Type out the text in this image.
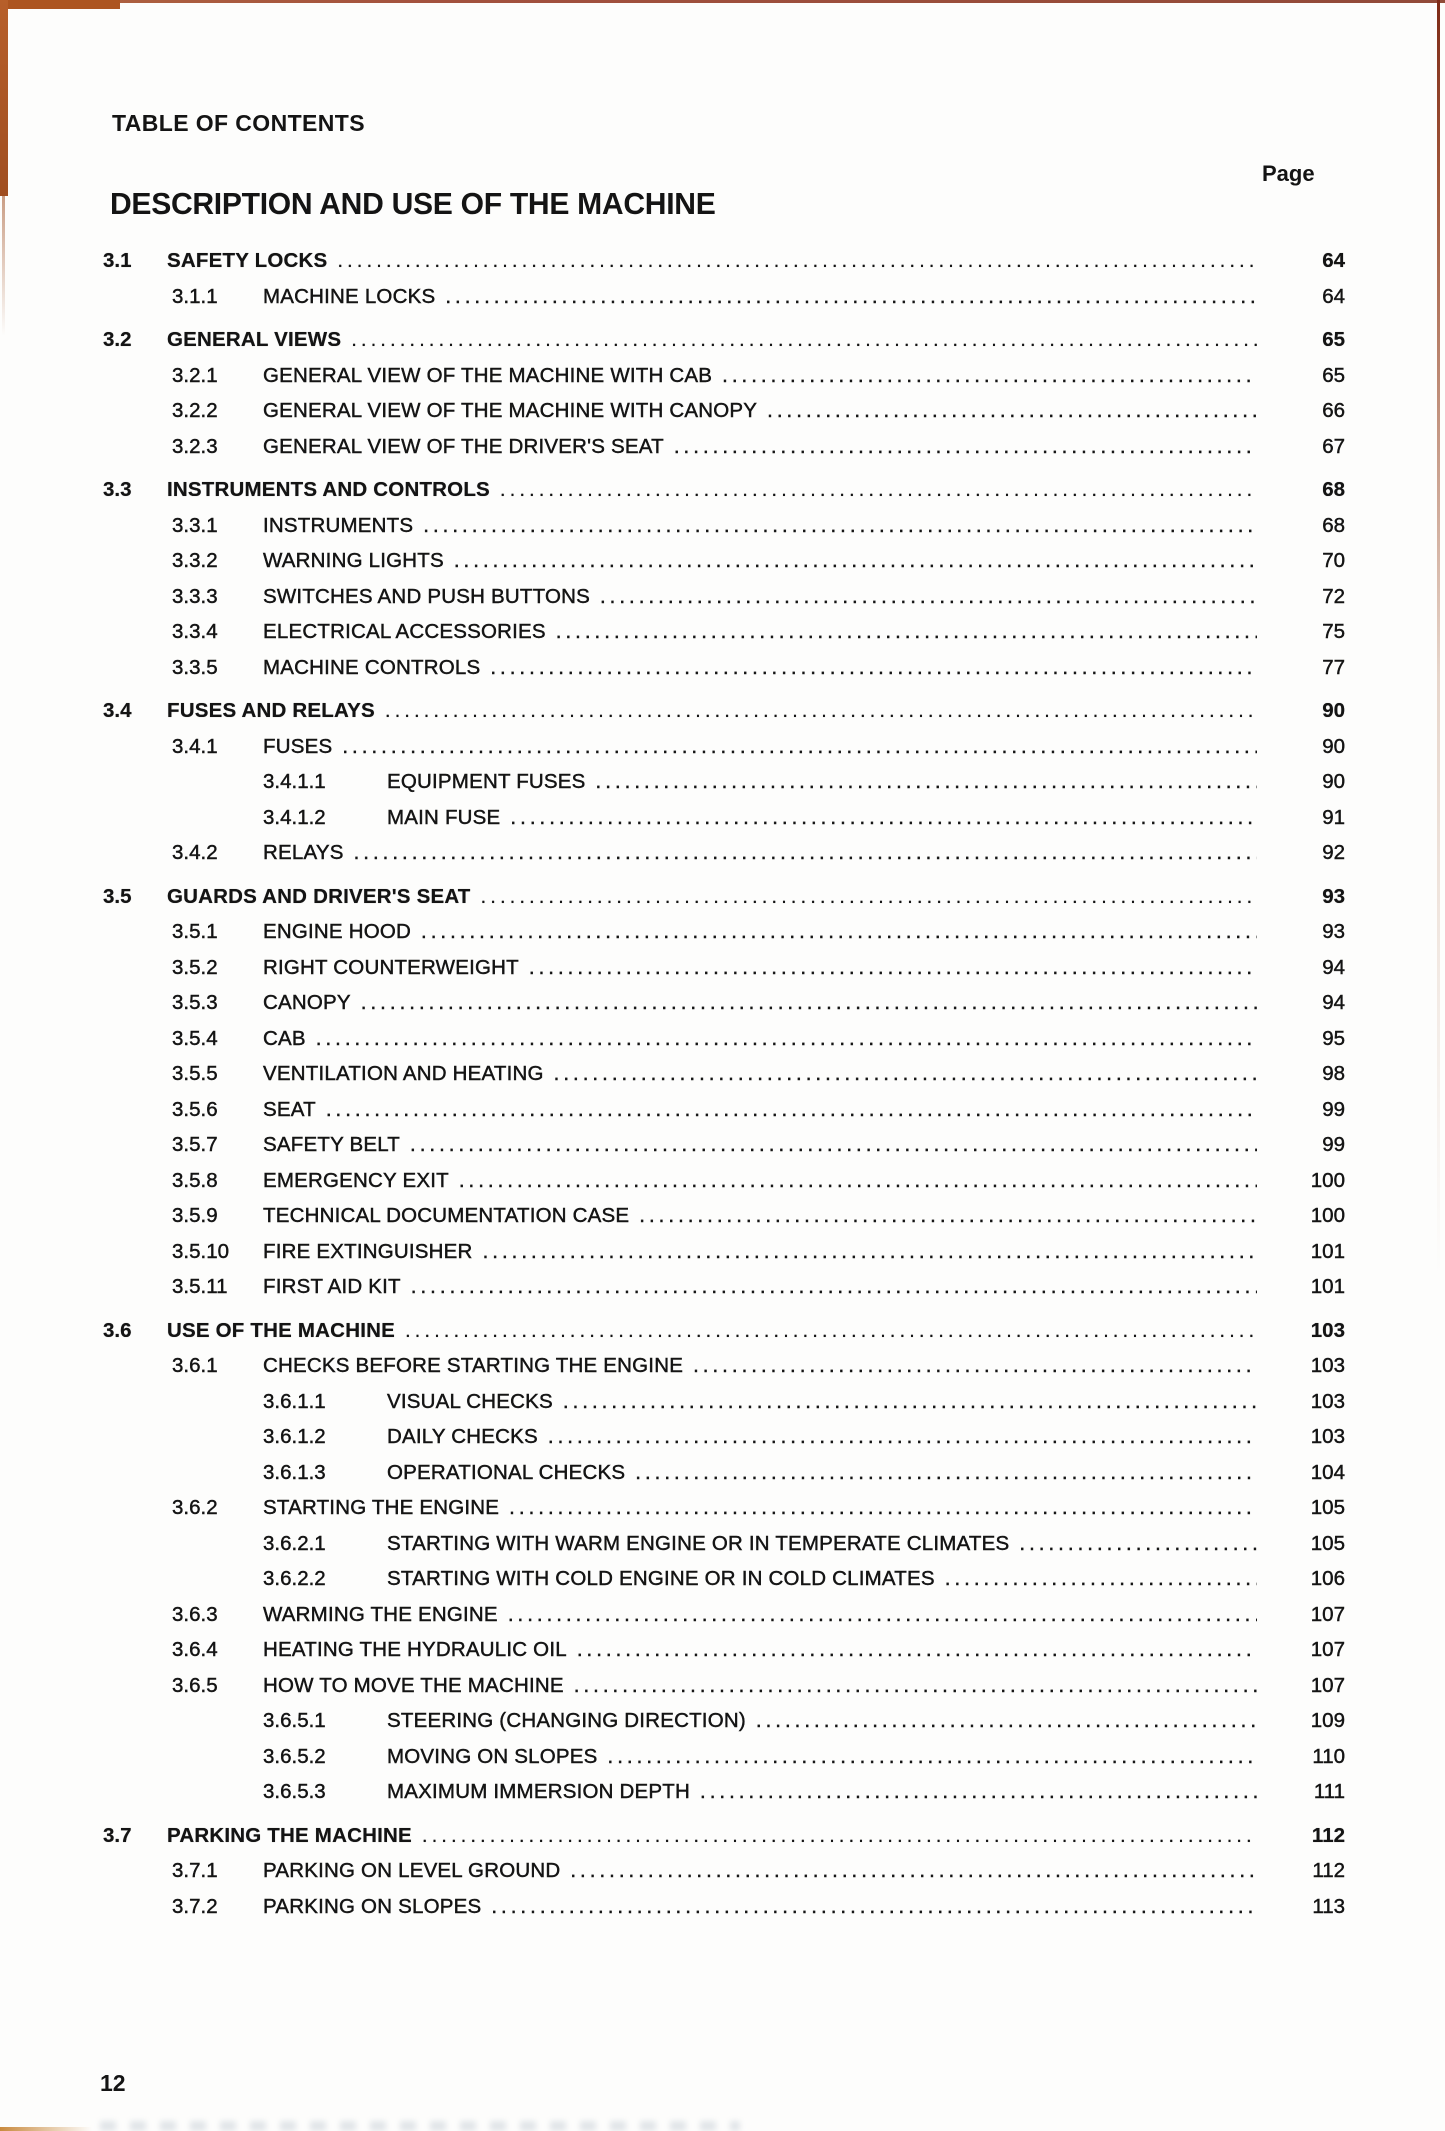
TABLE OF CONTENTS
Page
DESCRIPTION AND USE OF THE MACHINE
3.1	SAFETY LOCKS .....	64
3.1.1	MACHINE LOCKS .....	64
3.2	GENERAL VIEWS .....	65
3.2.1	GENERAL VIEW OF THE MACHINE WITH CAB .....	65
3.2.2	GENERAL VIEW OF THE MACHINE WITH CANOPY .....	66
3.2.3	GENERAL VIEW OF THE DRIVER'S SEAT .....	67
3.3	INSTRUMENTS AND CONTROLS .....	68
3.3.1	INSTRUMENTS .....	68
3.3.2	WARNING LIGHTS .....	70
3.3.3	SWITCHES AND PUSH BUTTONS .....	72
3.3.4	ELECTRICAL ACCESSORIES .....	75
3.3.5	MACHINE CONTROLS .....	77
3.4	FUSES AND RELAYS .....	90
3.4.1	FUSES .....	90
3.4.1.1	EQUIPMENT FUSES .....	90
3.4.1.2	MAIN FUSE .....	91
3.4.2	RELAYS .....	92
3.5	GUARDS AND DRIVER'S SEAT .....	93
3.5.1	ENGINE HOOD .....	93
3.5.2	RIGHT COUNTERWEIGHT .....	94
3.5.3	CANOPY .....	94
3.5.4	CAB .....	95
3.5.5	VENTILATION AND HEATING .....	98
3.5.6	SEAT .....	99
3.5.7	SAFETY BELT .....	99
3.5.8	EMERGENCY EXIT .....	100
3.5.9	TECHNICAL DOCUMENTATION CASE .....	100
3.5.10	FIRE EXTINGUISHER .....	101
3.5.11	FIRST AID KIT .....	101
3.6	USE OF THE MACHINE .....	103
3.6.1	CHECKS BEFORE STARTING THE ENGINE .....	103
3.6.1.1	VISUAL CHECKS .....	103
3.6.1.2	DAILY CHECKS .....	103
3.6.1.3	OPERATIONAL CHECKS .....	104
3.6.2	STARTING THE ENGINE .....	105
3.6.2.1	STARTING WITH WARM ENGINE OR IN TEMPERATE CLIMATES .....	105
3.6.2.2	STARTING WITH COLD ENGINE OR IN COLD CLIMATES .....	106
3.6.3	WARMING THE ENGINE .....	107
3.6.4	HEATING THE HYDRAULIC OIL .....	107
3.6.5	HOW TO MOVE THE MACHINE .....	107
3.6.5.1	STEERING (CHANGING DIRECTION) .....	109
3.6.5.2	MOVING ON SLOPES .....	110
3.6.5.3	MAXIMUM IMMERSION DEPTH .....	111
3.7	PARKING THE MACHINE .....	112
3.7.1	PARKING ON LEVEL GROUND .....	112
3.7.2	PARKING ON SLOPES .....	113
12
